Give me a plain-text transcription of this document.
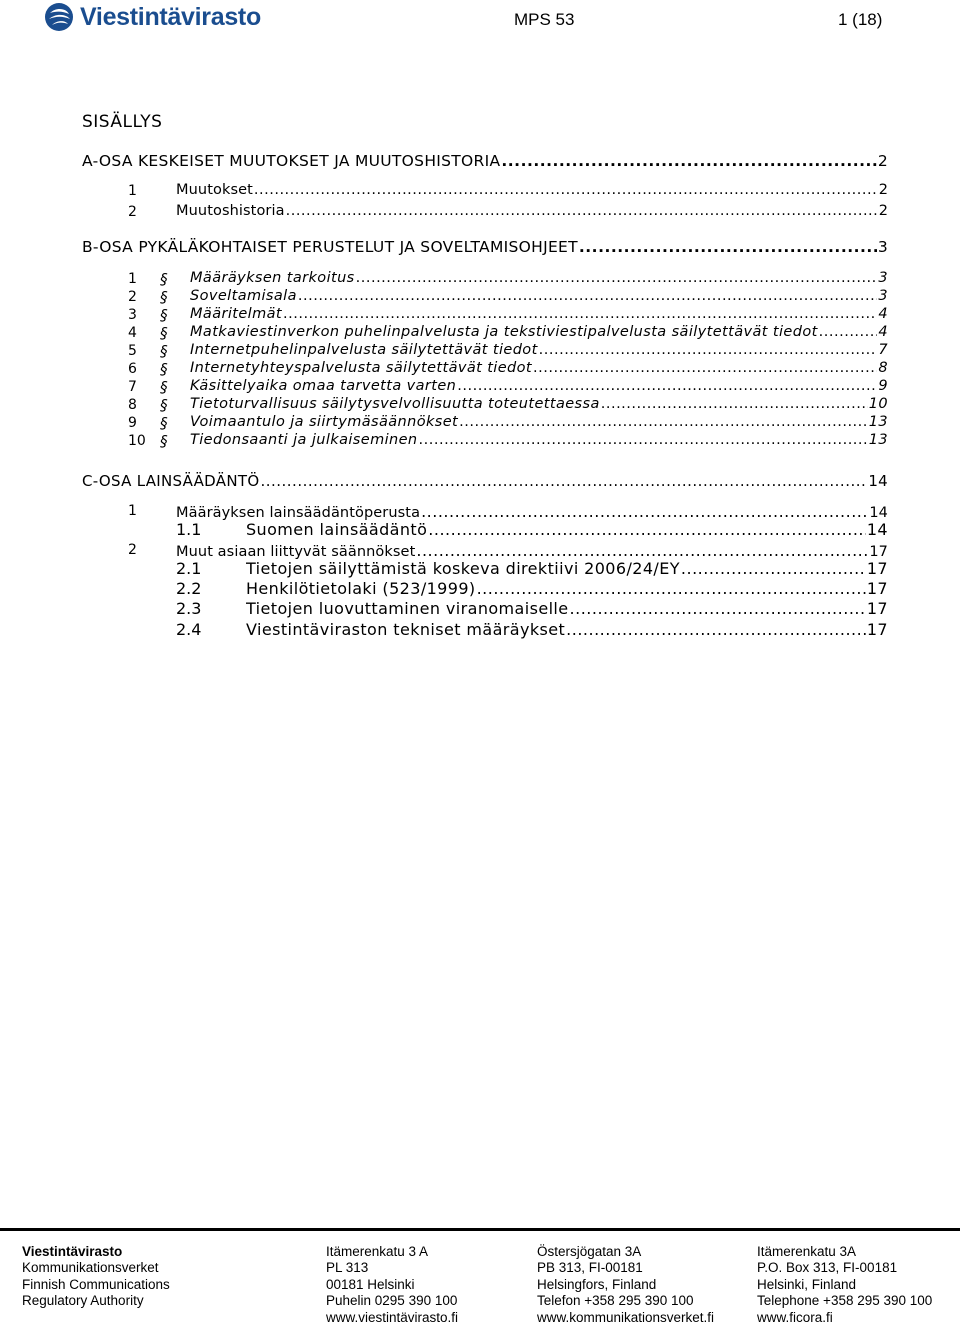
Viestintävirasto	MPS 53	1 (18)
SISÄLLYS
A-OSA KESKEISET MUUTOKSET JA MUUTOSHISTORIA .....	2
1	Muutokset .....	2
2	Muutoshistoria .....	2
B-OSA PYKÄLÄKOHTAISET PERUSTELUT JA SOVELTAMISOHJEET .....	3
1 § Määräyksen tarkoitus .....	3
2 § Soveltamisala .....	3
3 § Määritelmät .....	4
4 § Matkaviestinverkon puhelinpalvelusta ja tekstiviestipalvelusta säilytettävät tiedot .....	4
5 § Internetpuhelinpalvelusta säilytettävät tiedot .....	7
6 § Internetyhteyspalvelusta säilytettävät tiedot .....	8
7 § Käsittelyaika omaa tarvetta varten .....	9
8 § Tietoturvallisuus säilytysvelvollisuutta toteutettaessa .....	10
9 § Voimaantulo ja siirtymäsäännökset .....	13
10 § Tiedonsaanti ja julkaiseminen .....	13
C-OSA LAINSÄÄDÄNTÖ .....	14
1	Määräyksen lainsäädäntöperusta .....	14
1.1	Suomen lainsäädäntö .....	14
2	Muut asiaan liittyvät säännökset .....	17
2.1	Tietojen säilyttämistä koskeva direktiivi 2006/24/EY .....	17
2.2	Henkilötietolaki (523/1999) .....	17
2.3	Tietojen luovuttaminen viranomaiselle .....	17
2.4	Viestintäviraston tekniset määräykset .....	17
Viestintävirasto
Kommunikationsverket
Finnish Communications
Regulatory Authority
Itämerenkatu 3 A
PL 313
00181 Helsinki
Puhelin 0295 390 100
www.viestintävirasto.fi
Östersjögatan 3A
PB 313, FI-00181
Helsingfors, Finland
Telefon +358 295 390 100
www.kommunikationsverket.fi
Itämerenkatu 3A
P.O. Box 313, FI-00181
Helsinki, Finland
Telephone +358 295 390 100
www.ficora.fi
